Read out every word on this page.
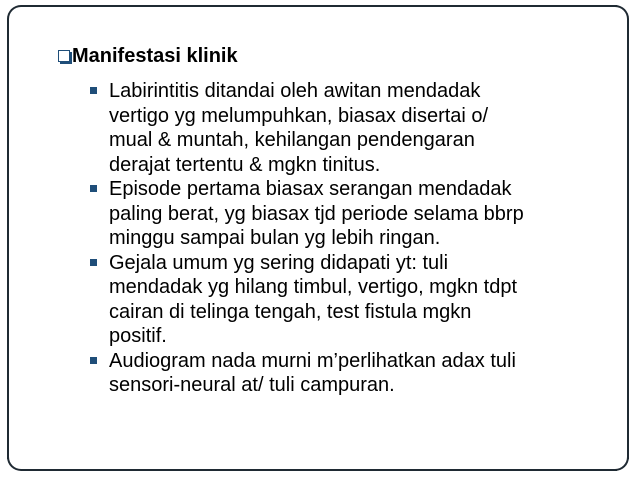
Manifestasi klinik

Labirintitis ditandai oleh awitan mendadak
vertigo yg melumpuhkan, biasax disertai o/
mual & muntah, kehilangan pendengaran
derajat tertentu & mgkn tinitus.

Episode pertama biasax serangan mendadak
paling berat, yg biasax tjd periode selama bbrp
minggu sampai bulan yg lebih ringan.

Gejala umum yg sering didapati yt: tuli
mendadak yg hilang timbul, vertigo, mgkn tdpt
cairan di telinga tengah, test fistula mgkn
positif.

Audiogram nada murni m’perlihatkan adax tuli
sensori-neural at/ tuli campuran.
